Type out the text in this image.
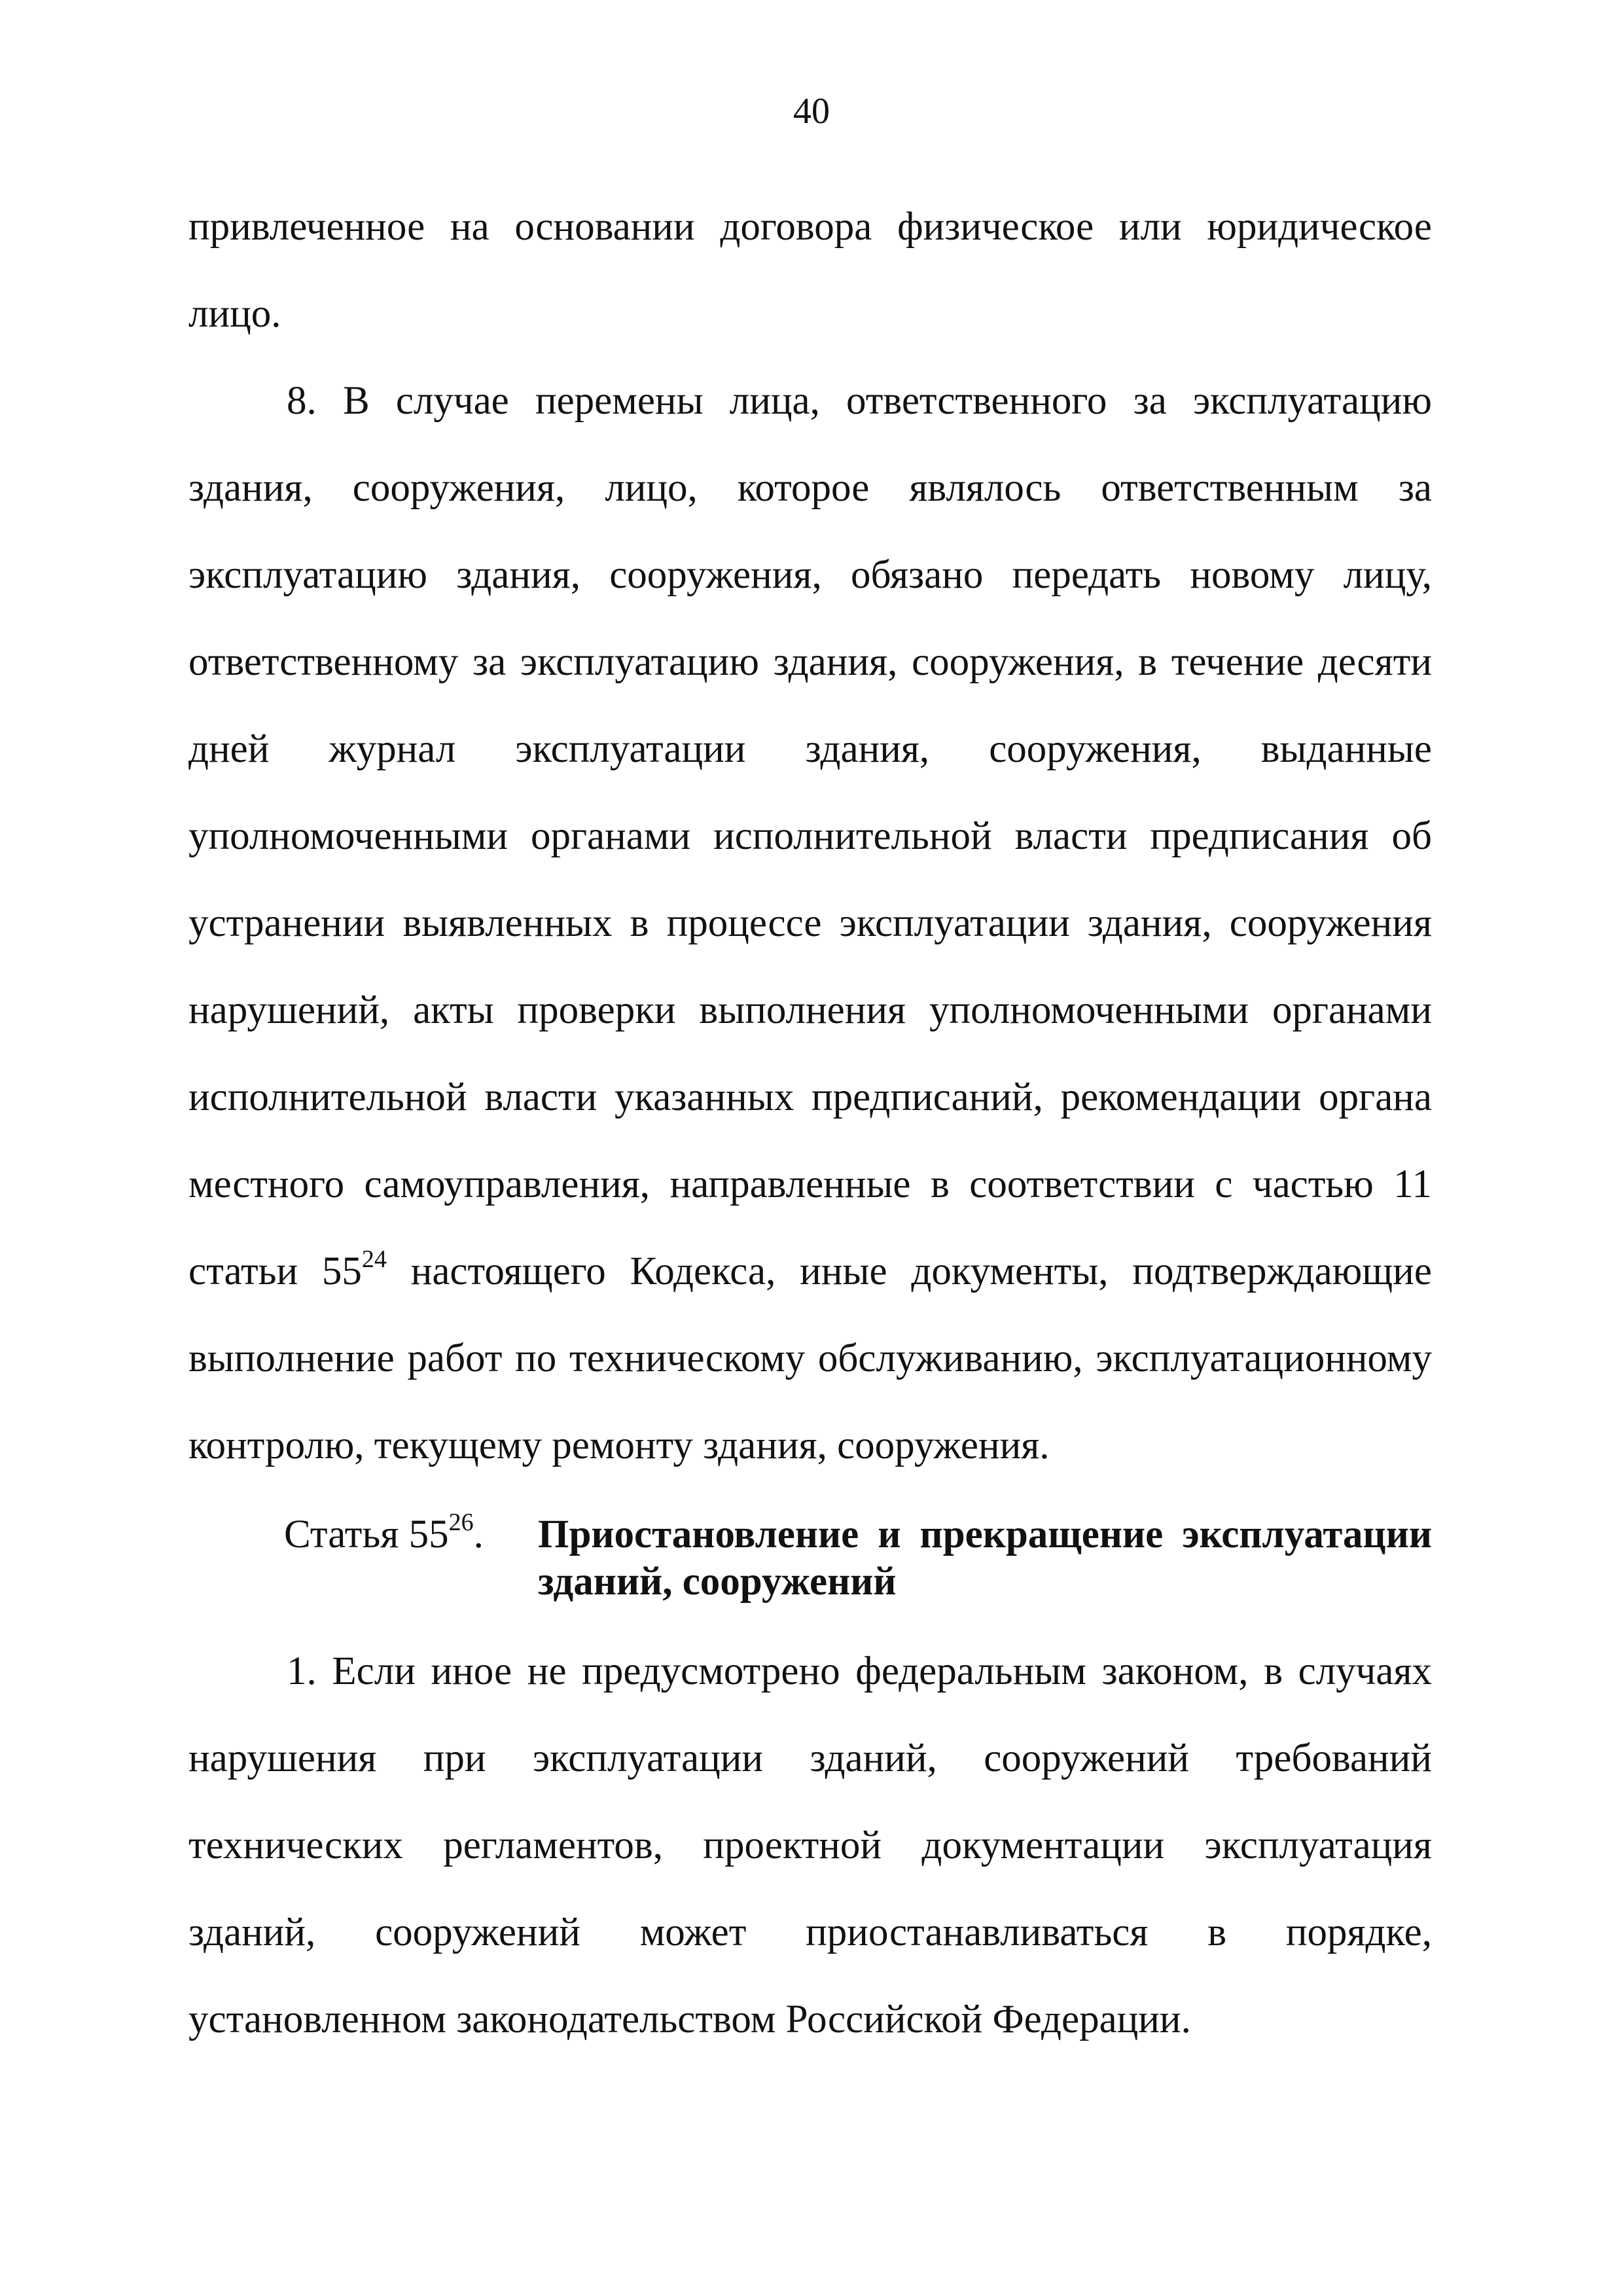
40

привлеченное на основании договора физическое или юридическое лицо.

8. В случае перемены лица, ответственного за эксплуатацию здания, сооружения, лицо, которое являлось ответственным за эксплуатацию здания, сооружения, обязано передать новому лицу, ответственному за эксплуатацию здания, сооружения, в течение десяти дней журнал эксплуатации здания, сооружения, выданные уполномоченными органами исполнительной власти предписания об устранении выявленных в процессе эксплуатации здания, сооружения нарушений, акты проверки выполнения уполномоченными органами исполнительной власти указанных предписаний, рекомендации органа местного самоуправления, направленные в соответствии с частью 11 статьи $55^{24}$ настоящего Кодекса, иные документы, подтверждающие выполнение работ по техническому обслуживанию, эксплуатационному контролю, текущему ремонту здания, сооружения.

Статья $55^{26}$.	Приостановление и прекращение эксплуатации зданий, сооружений

1. Если иное не предусмотрено федеральным законом, в случаях нарушения при эксплуатации зданий, сооружений требований технических регламентов, проектной документации эксплуатация зданий, сооружений может приостанавливаться в порядке, установленном законодательством Российской Федерации.
